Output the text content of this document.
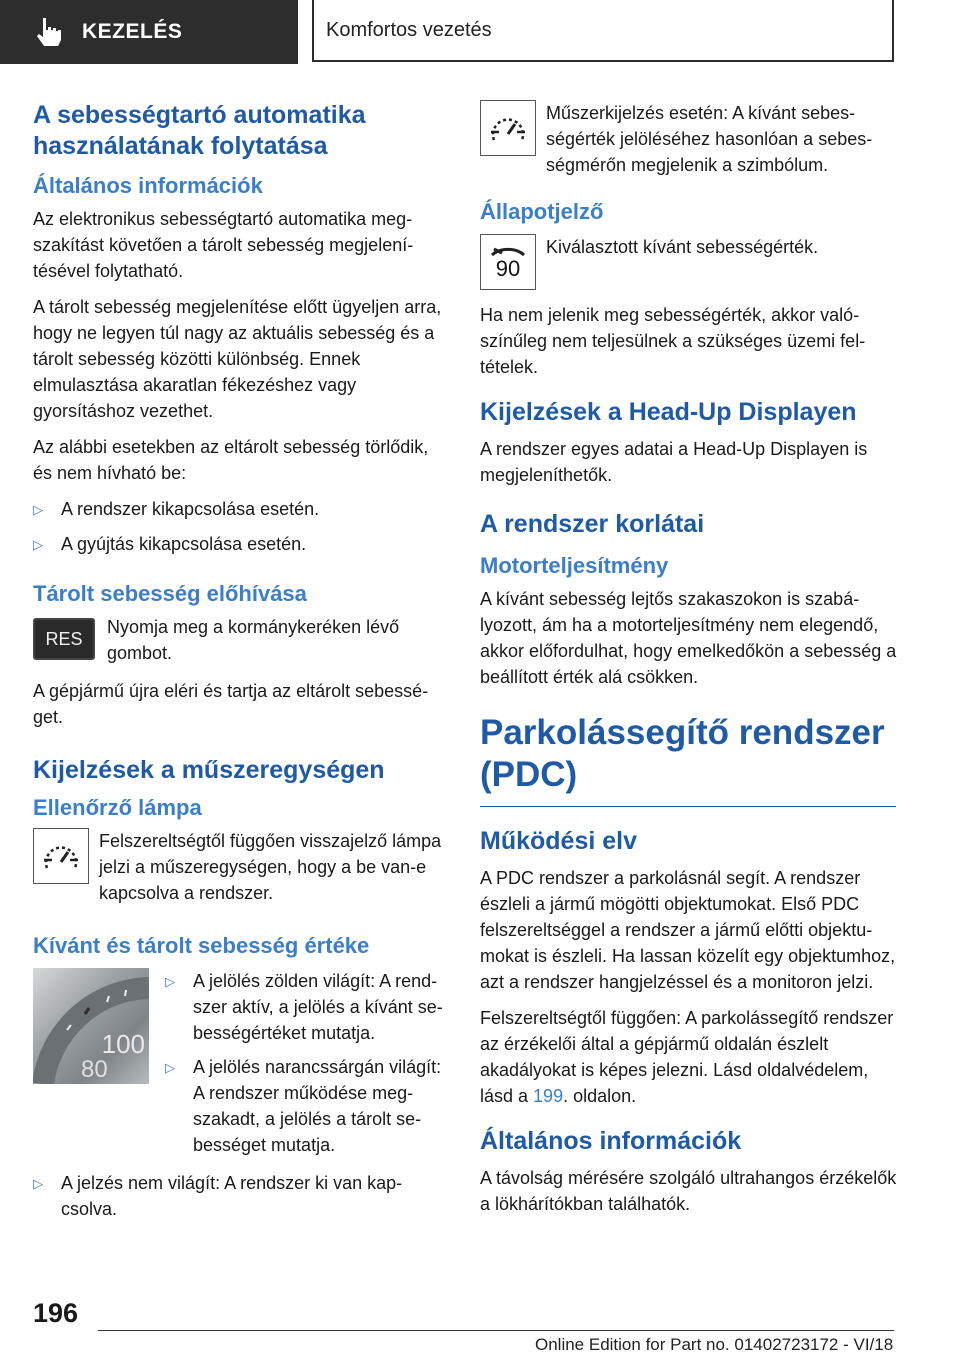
KEZELÉS	Komfortos vezetés
A sebességtartó automatika használatának folytatása
Általános információk

Az elektronikus sebességtartó automatika megszakítást követően a tárolt sebesség megjelenítésével folytatható.

A tárolt sebesség megjelenítése előtt ügyeljen arra, hogy ne legyen túl nagy az aktuális sebesség és a tárolt sebesség közötti különbség. Ennek elmulasztása akaratlan fékezéshez vagy gyorsításhoz vezethet.

Az alábbi esetekben az eltárolt sebesség törlődik, és nem hívható be:

▷	A rendszer kikapcsolása esetén.
▷	A gyújtás kikapcsolása esetén.
Tárolt sebesség előhívása
RES
Nyomja meg a kormánykeréken lévő gombot.

A gépjármű újra eléri és tartja az eltárolt sebességet.

Kijelzések a műszeregységen
Ellenőrző lámpa
Felszereltségtől függően visszajelző lámpa jelzi a műszeregységen, hogy a be van-e kapcsolva a rendszer.
Kívánt és tárolt sebesség értéke
100
80
▷	A jelölés zölden világít: A rendszer aktív, a jelölés a kívánt sebességértéket mutatja.
▷	A jelölés narancssárgán világít: A rendszer működése megszakadt, a jelölés a tárolt sebességet mutatja.
▷	A jelzés nem világít: A rendszer ki van kapcsolva.
Műszerkijelzés esetén: A kívánt sebességérték jelöléséhez hasonlóan a sebességmérőn megjelenik a szimbólum.
Állapotjelző
90
Kiválasztott kívánt sebességérték.

Ha nem jelenik meg sebességérték, akkor valószínűleg nem teljesülnek a szükséges üzemi feltételek.

Kijelzések a Head-Up Displayen

A rendszer egyes adatai a Head-Up Displayen is megjeleníthetők.

A rendszer korlátai
Motorteljesítmény

A kívánt sebesség lejtős szakaszokon is szabályozott, ám ha a motorteljesítmény nem elegendő, akkor előfordulhat, hogy emelkedőkön a sebesség a beállított érték alá csökken.

Parkolássegítő rendszer (PDC)
Működési elv

A PDC rendszer a parkolásnál segít. A rendszer észleli a jármű mögötti objektumokat. Első PDC felszereltséggel a rendszer a jármű előtti objektumokat is észleli. Ha lassan közelít egy objektumhoz, azt a rendszer hangjelzéssel és a monitoron jelzi.

Felszereltségtől függően: A parkolássegítő rendszer az érzékelői által a gépjármű oldalán észlelt akadályokat is képes jelezni. Lásd oldalvédelem, lásd a 199. oldalon.

Általános információk

A távolság mérésére szolgáló ultrahangos érzékelők a lökhárítókban találhatók.

196
Online Edition for Part no. 01402723172 - VI/18
